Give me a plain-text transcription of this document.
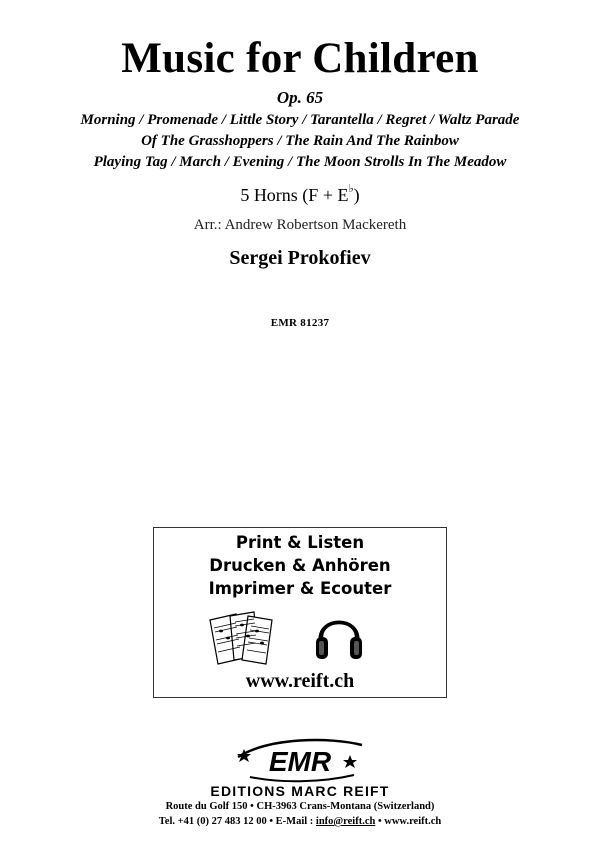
Music for Children
Op. 65
Morning / Promenade / Little Story / Tarantella / Regret / Waltz Parade
Of The Grasshoppers / The Rain And The Rainbow
Playing Tag / March / Evening / The Moon Strolls In The Meadow
5 Horns (F + E♭)
Arr.: Andrew Robertson Mackereth
Sergei Prokofiev
EMR 81237
Print & Listen
Drucken & Anhören
Imprimer & Ecouter
www.reift.ch
EMR
EDITIONS MARC REIFT
Route du Golf 150 • CH-3963 Crans-Montana (Switzerland)
Tel. +41 (0) 27 483 12 00 • E-Mail : info@reift.ch • www.reift.ch
